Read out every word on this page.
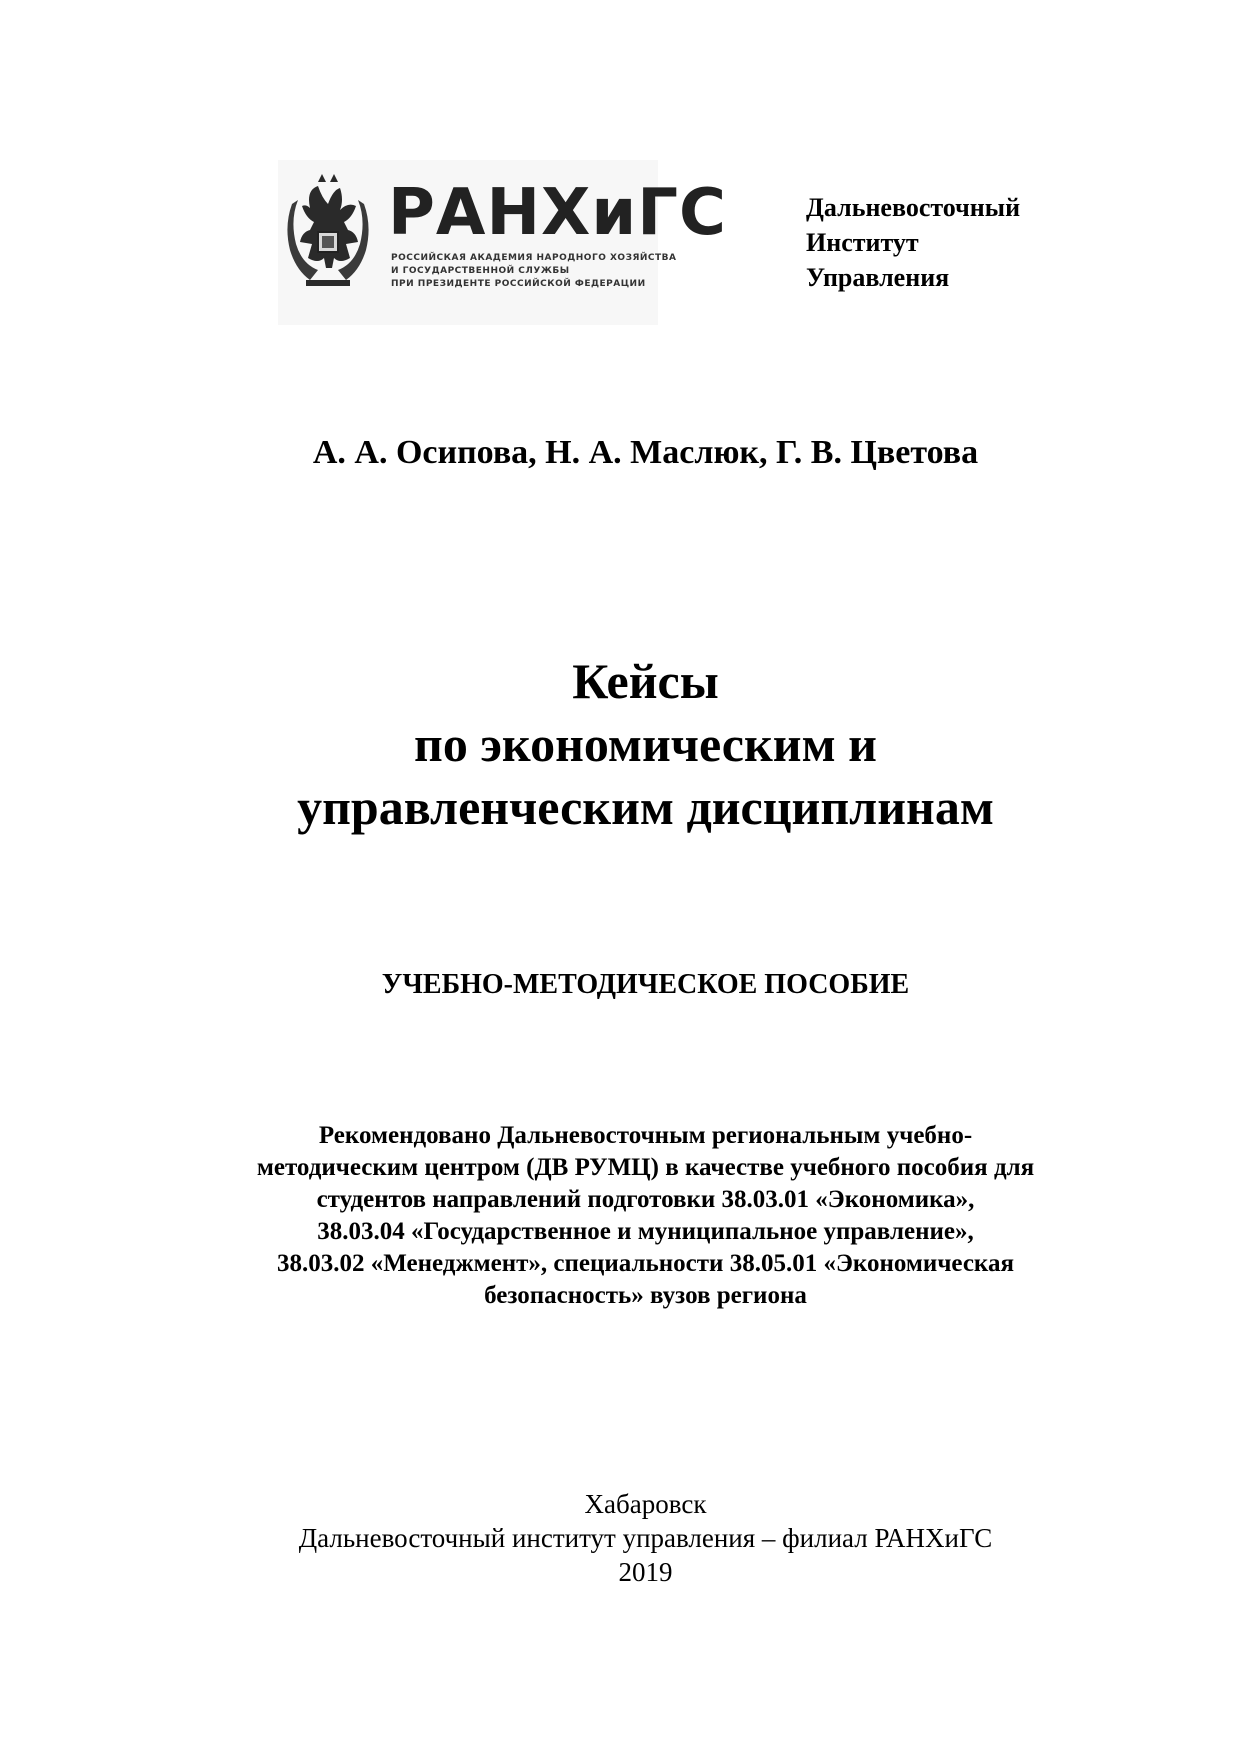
РАНХиГС
РОССИЙСКАЯ АКАДЕМИЯ НАРОДНОГО ХОЗЯЙСТВА
И ГОСУДАРСТВЕННОЙ СЛУЖБЫ
ПРИ ПРЕЗИДЕНТЕ РОССИЙСКОЙ ФЕДЕРАЦИИ
Дальневосточный
Институт
Управления
А. А. Осипова, Н. А. Маслюк, Г. В. Цветова
Кейсы
по экономическим и
управленческим дисциплинам
УЧЕБНО-МЕТОДИЧЕСКОЕ ПОСОБИЕ
Рекомендовано Дальневосточным региональным учебно-
методическим центром (ДВ РУМЦ) в качестве учебного пособия для
студентов направлений подготовки 38.03.01 «Экономика»,
38.03.04 «Государственное и муниципальное управление»,
38.03.02 «Менеджмент», специальности 38.05.01 «Экономическая
безопасность» вузов региона
Хабаровск
Дальневосточный институт управления – филиал РАНХиГС
2019
